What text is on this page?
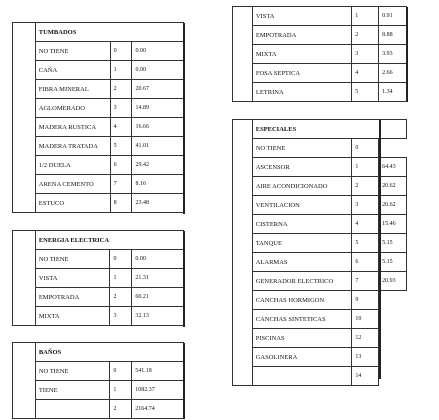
	TUMBADOS		
	NO TIENE	0	0.00
	CAÑA	1	0.00
	FIBRA MINERAL	2	20.67
	AGLOMERADO	3	14.89
	MADERA RUSTICA	4	16.66
	MADERA TRATADA	5	41.01
	1/2 DUELA	6	29.42
	ARENA CEMENTO	7	8.16
	ESTUCO	8	23.48
	ENERGIA ELECTRICA		
	NO TIENE	0	0.00
	VISTA	1	21.31
	EMPOTRADA	2	60.21
	MIXTA	3	32.13
	BAÑOS		
	NO TIENE	0	541.18
	TIENE	1	1082.37
		2	2164.74
	VISTA	1	0.91
	EMPOTRADA	2	8.88
	MIXTA	3	3.93
	FOSA SEPTICA	4	2.66
	LETRINA	5	1.34
	ESPECIALES		
	NO TIENE	0	
	ASCENSOR	1	64.43
	AIRE ACONDICIONADO	2	20.62
	VENTILACION	3	20.62
	CISTERNA	4	15.46
	TANQUE	5	5.15
	ALARMAS	6	5.15
	GENERADOR ELECTRICO	7	20.93
	CANCHAS HORMIGON	9	
	CANCHAS SINTETICAS	10	
	PISCINAS	12	
	GASOLINERA	13	
		14	
